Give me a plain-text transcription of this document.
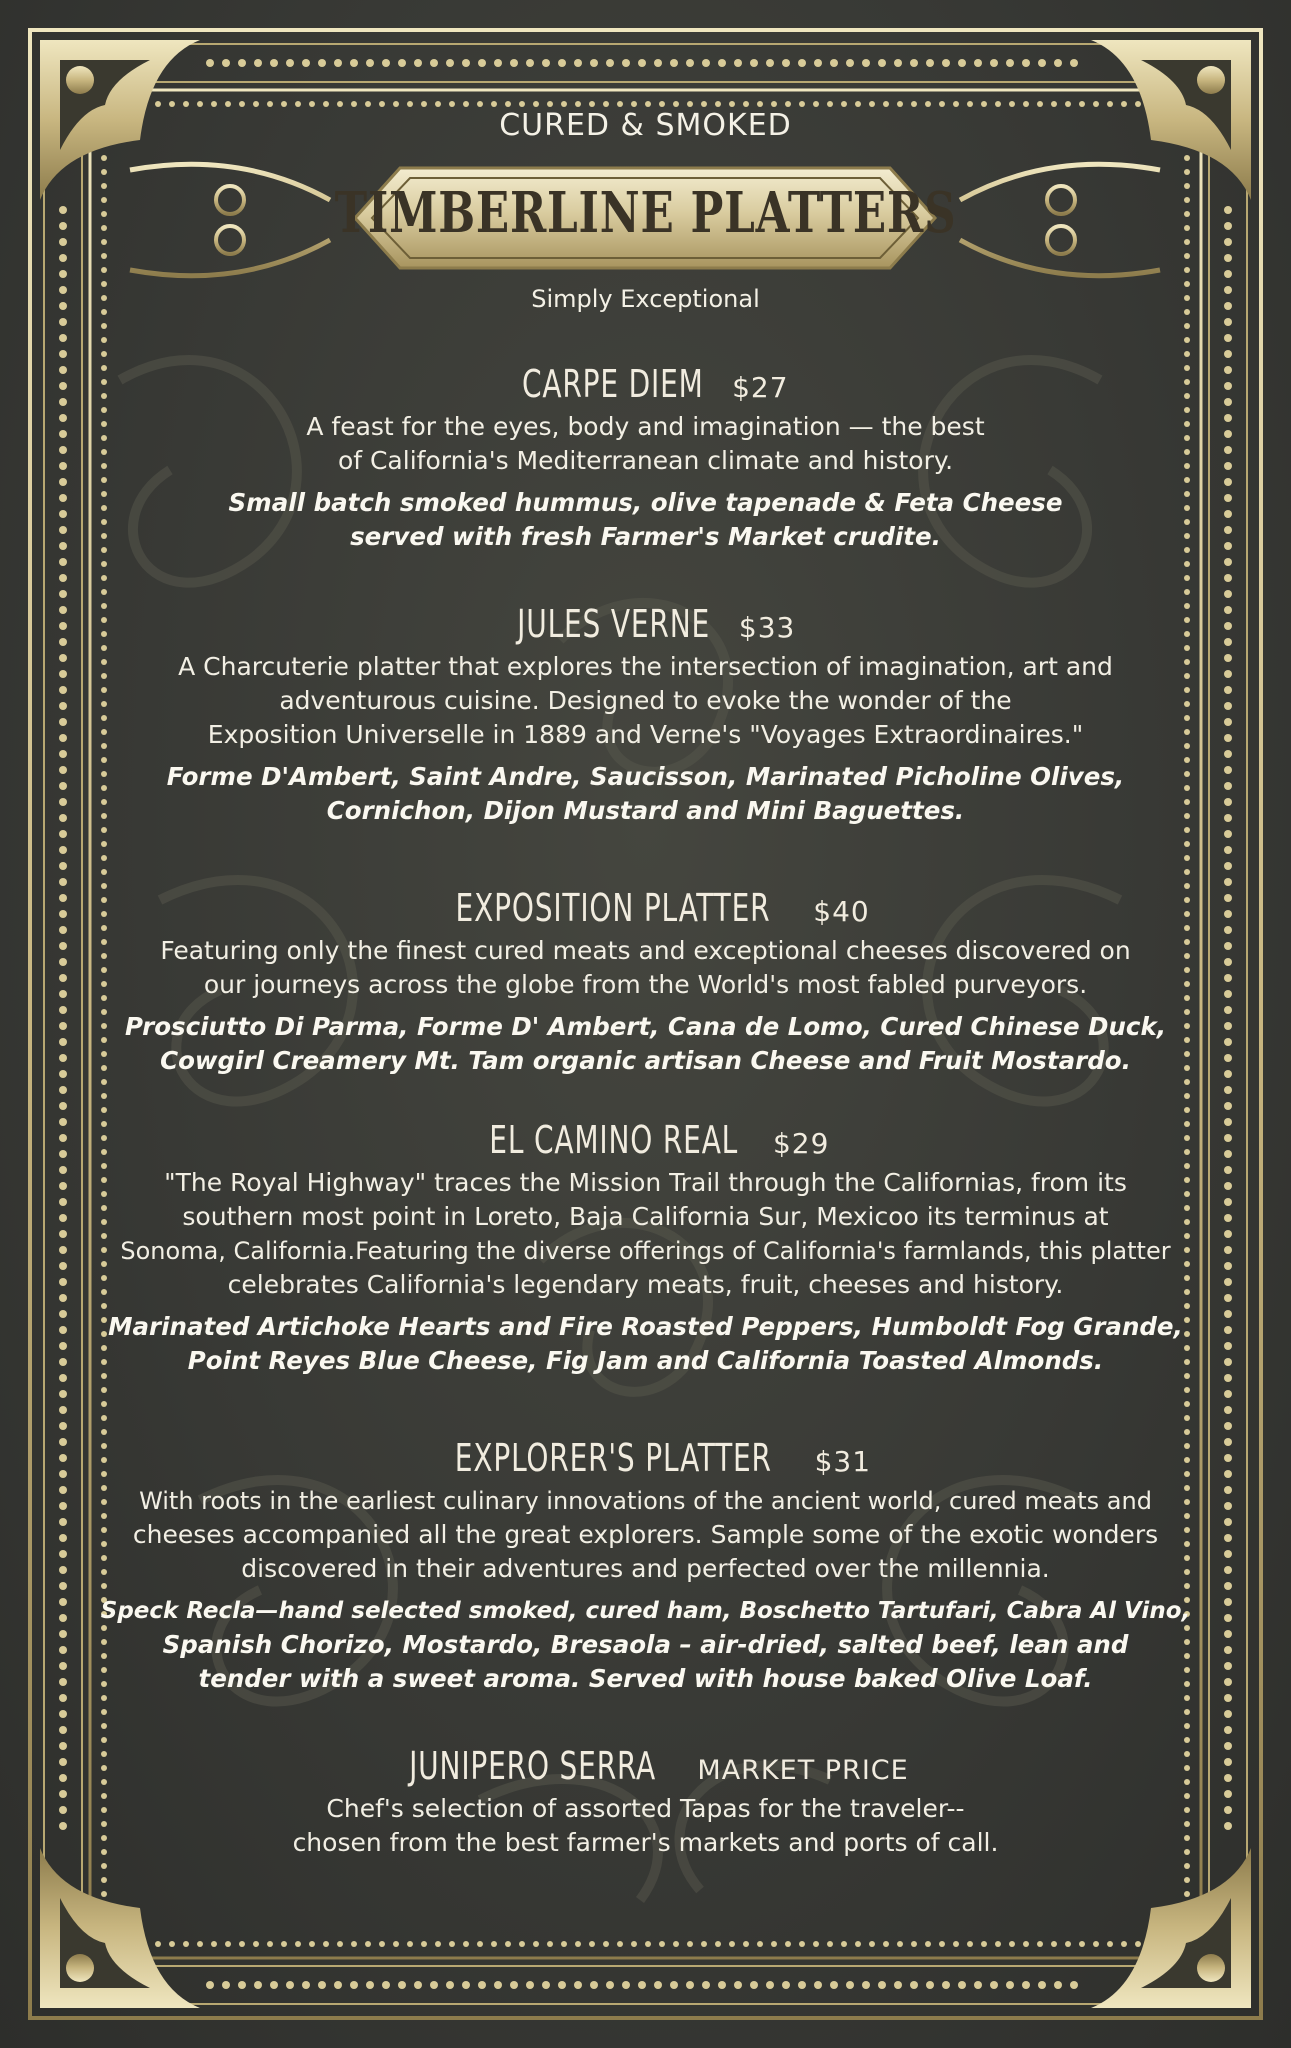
CURED & SMOKED
TIMBERLINE PLATTERS
Simply Exceptional
CARPE DIEM $27
A feast for the eyes, body and imagination — the best
of California's Mediterranean climate and history.
Small batch smoked hummus, olive tapenade & Feta Cheese
served with fresh Farmer's Market crudite.
JULES VERNE $33
A Charcuterie platter that explores the intersection of imagination, art and
adventurous cuisine. Designed to evoke the wonder of the
Exposition Universelle in 1889 and Verne's "Voyages Extraordinaires."
Forme D'Ambert, Saint Andre, Saucisson, Marinated Picholine Olives,
Cornichon, Dijon Mustard and Mini Baguettes.
EXPOSITION PLATTER $40
Featuring only the finest cured meats and exceptional cheeses discovered on
our journeys across the globe from the World's most fabled purveyors.
Prosciutto Di Parma, Forme D' Ambert, Cana de Lomo, Cured Chinese Duck,
Cowgirl Creamery Mt. Tam organic artisan Cheese and Fruit Mostardo.
EL CAMINO REAL $29
"The Royal Highway" traces the Mission Trail through the Californias, from its
southern most point in Loreto, Baja California Sur, Mexicoo its terminus at
Sonoma, California.Featuring the diverse offerings of California's farmlands, this platter
celebrates California's legendary meats, fruit, cheeses and history.
Marinated Artichoke Hearts and Fire Roasted Peppers, Humboldt Fog Grande,
Point Reyes Blue Cheese, Fig Jam and California Toasted Almonds.
EXPLORER'S PLATTER $31
With roots in the earliest culinary innovations of the ancient world, cured meats and
cheeses accompanied all the great explorers. Sample some of the exotic wonders
discovered in their adventures and perfected over the millennia.
Speck Recla—hand selected smoked, cured ham, Boschetto Tartufari, Cabra Al Vino,
Spanish Chorizo, Mostardo, Bresaola – air-dried, salted beef, lean and
tender with a sweet aroma. Served with house baked Olive Loaf.
JUNIPERO SERRA MARKET PRICE
Chef's selection of assorted Tapas for the traveler--
chosen from the best farmer's markets and ports of call.
